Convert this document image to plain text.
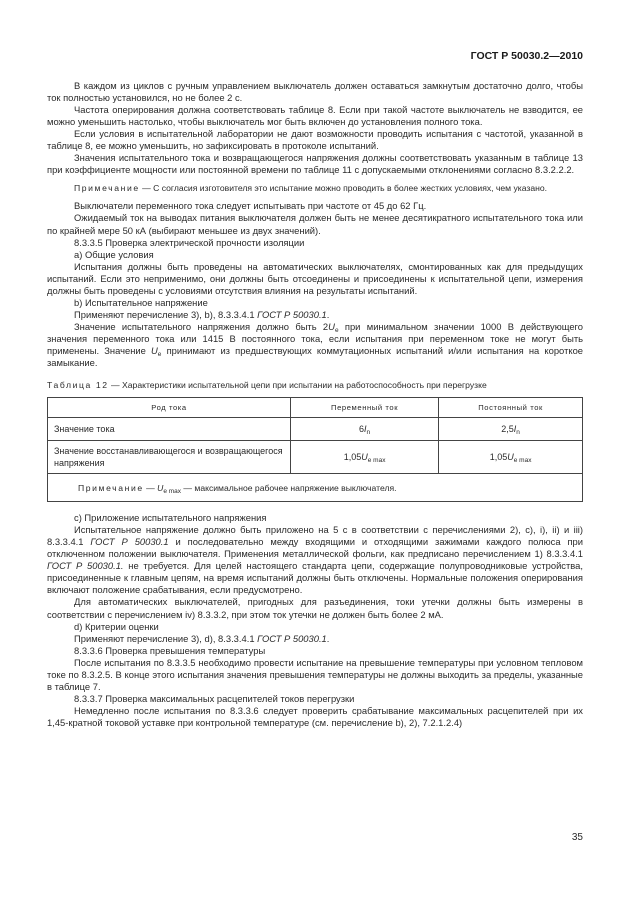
ГОСТ Р 50030.2—2010

В каждом из циклов с ручным управлением выключатель должен оставаться замкнутым достаточно долго, чтобы ток полностью установился, но не более 2 с.

Частота оперирования должна соответствовать таблице 8. Если при такой частоте выключатель не взводится, ее можно уменьшить настолько, чтобы выключатель мог быть включен до установления полного тока.

Если условия в испытательной лаборатории не дают возможности проводить испытания с частотой, указанной в таблице 8, ее можно уменьшить, но зафиксировать в протоколе испытаний.

Значения испытательного тока и возвращающегося напряжения должны соответствовать указанным в таблице 13 при коэффициенте мощности или постоянной времени по таблице 11 с допускаемыми отклонениями согласно 8.3.2.2.2.

Примечание — С согласия изготовителя это испытание можно проводить в более жестких условиях, чем указано.

Выключатели переменного тока следует испытывать при частоте от 45 до 62 Гц.

Ожидаемый ток на выводах питания выключателя должен быть не менее десятикратного испытательного тока или по крайней мере 50 кА (выбирают меньшее из двух значений).

8.3.3.5 Проверка электрической прочности изоляции

а) Общие условия

Испытания должны быть проведены на автоматических выключателях, смонтированных как для предыдущих испытаний. Если это неприменимо, они должны быть отсоединены и присоединены к испытательной цепи, измерения должны быть проведены с условиями отсутствия влияния на результаты испытаний.

b) Испытательное напряжение

Применяют перечисление 3), b), 8.3.3.4.1 ГОСТ Р 50030.1.

Значение испытательного напряжения должно быть $2U_e$ при минимальном значении 1000 В действующего значения переменного тока или 1415 В постоянного тока, если испытания при переменном токе не могут быть применены. Значение $U_e$ принимают из предшествующих коммутационных испытаний и/или испытания на короткое замыкание.

Таблица 12 — Характеристики испытательной цепи при испытании на работоспособность при перегрузке

Род тока	Переменный ток	Постоянный ток
Значение тока	$6I_n$	$2,5I_n$
Значение восстанавливающегося и возвращающегося напряжения	$1,05U_{e max}$	$1,05U_{e max}$
Примечание — $U_{e max}$ — максимальное рабочее напряжение выключателя.		

c) Приложение испытательного напряжения

Испытательное напряжение должно быть приложено на 5 с в соответствии с перечислениями 2), c), i), ii) и iii) 8.3.3.4.1 ГОСТ Р 50030.1 и последовательно между входящими и отходящими зажимами каждого полюса при отключенном положении выключателя. Применения металлической фольги, как предписано перечислением 1) 8.3.3.4.1 ГОСТ Р 50030.1. не требуется. Для целей настоящего стандарта цепи, содержащие полупроводниковые устройства, присоединенные к главным цепям, на время испытаний должны быть отключены. Нормальные положения оперирования включают положение срабатывания, если предусмотрено.

Для автоматических выключателей, пригодных для разъединения, токи утечки должны быть измерены в соответствии с перечислением iv) 8.3.3.2, при этом ток утечки не должен быть более 2 мА.

d) Критерии оценки

Применяют перечисление 3), d), 8.3.3.4.1 ГОСТ Р 50030.1.

8.3.3.6 Проверка превышения температуры

После испытания по 8.3.3.5 необходимо провести испытание на превышение температуры при условном тепловом токе по 8.3.2.5. В конце этого испытания значения превышения температуры не должны выходить за пределы, указанные в таблице 7.

8.3.3.7 Проверка максимальных расцепителей токов перегрузки

Немедленно после испытания по 8.3.3.6 следует проверить срабатывание максимальных расцепителей при их 1,45-кратной токовой уставке при контрольной температуре (см. перечисление b), 2), 7.2.1.2.4)

35
